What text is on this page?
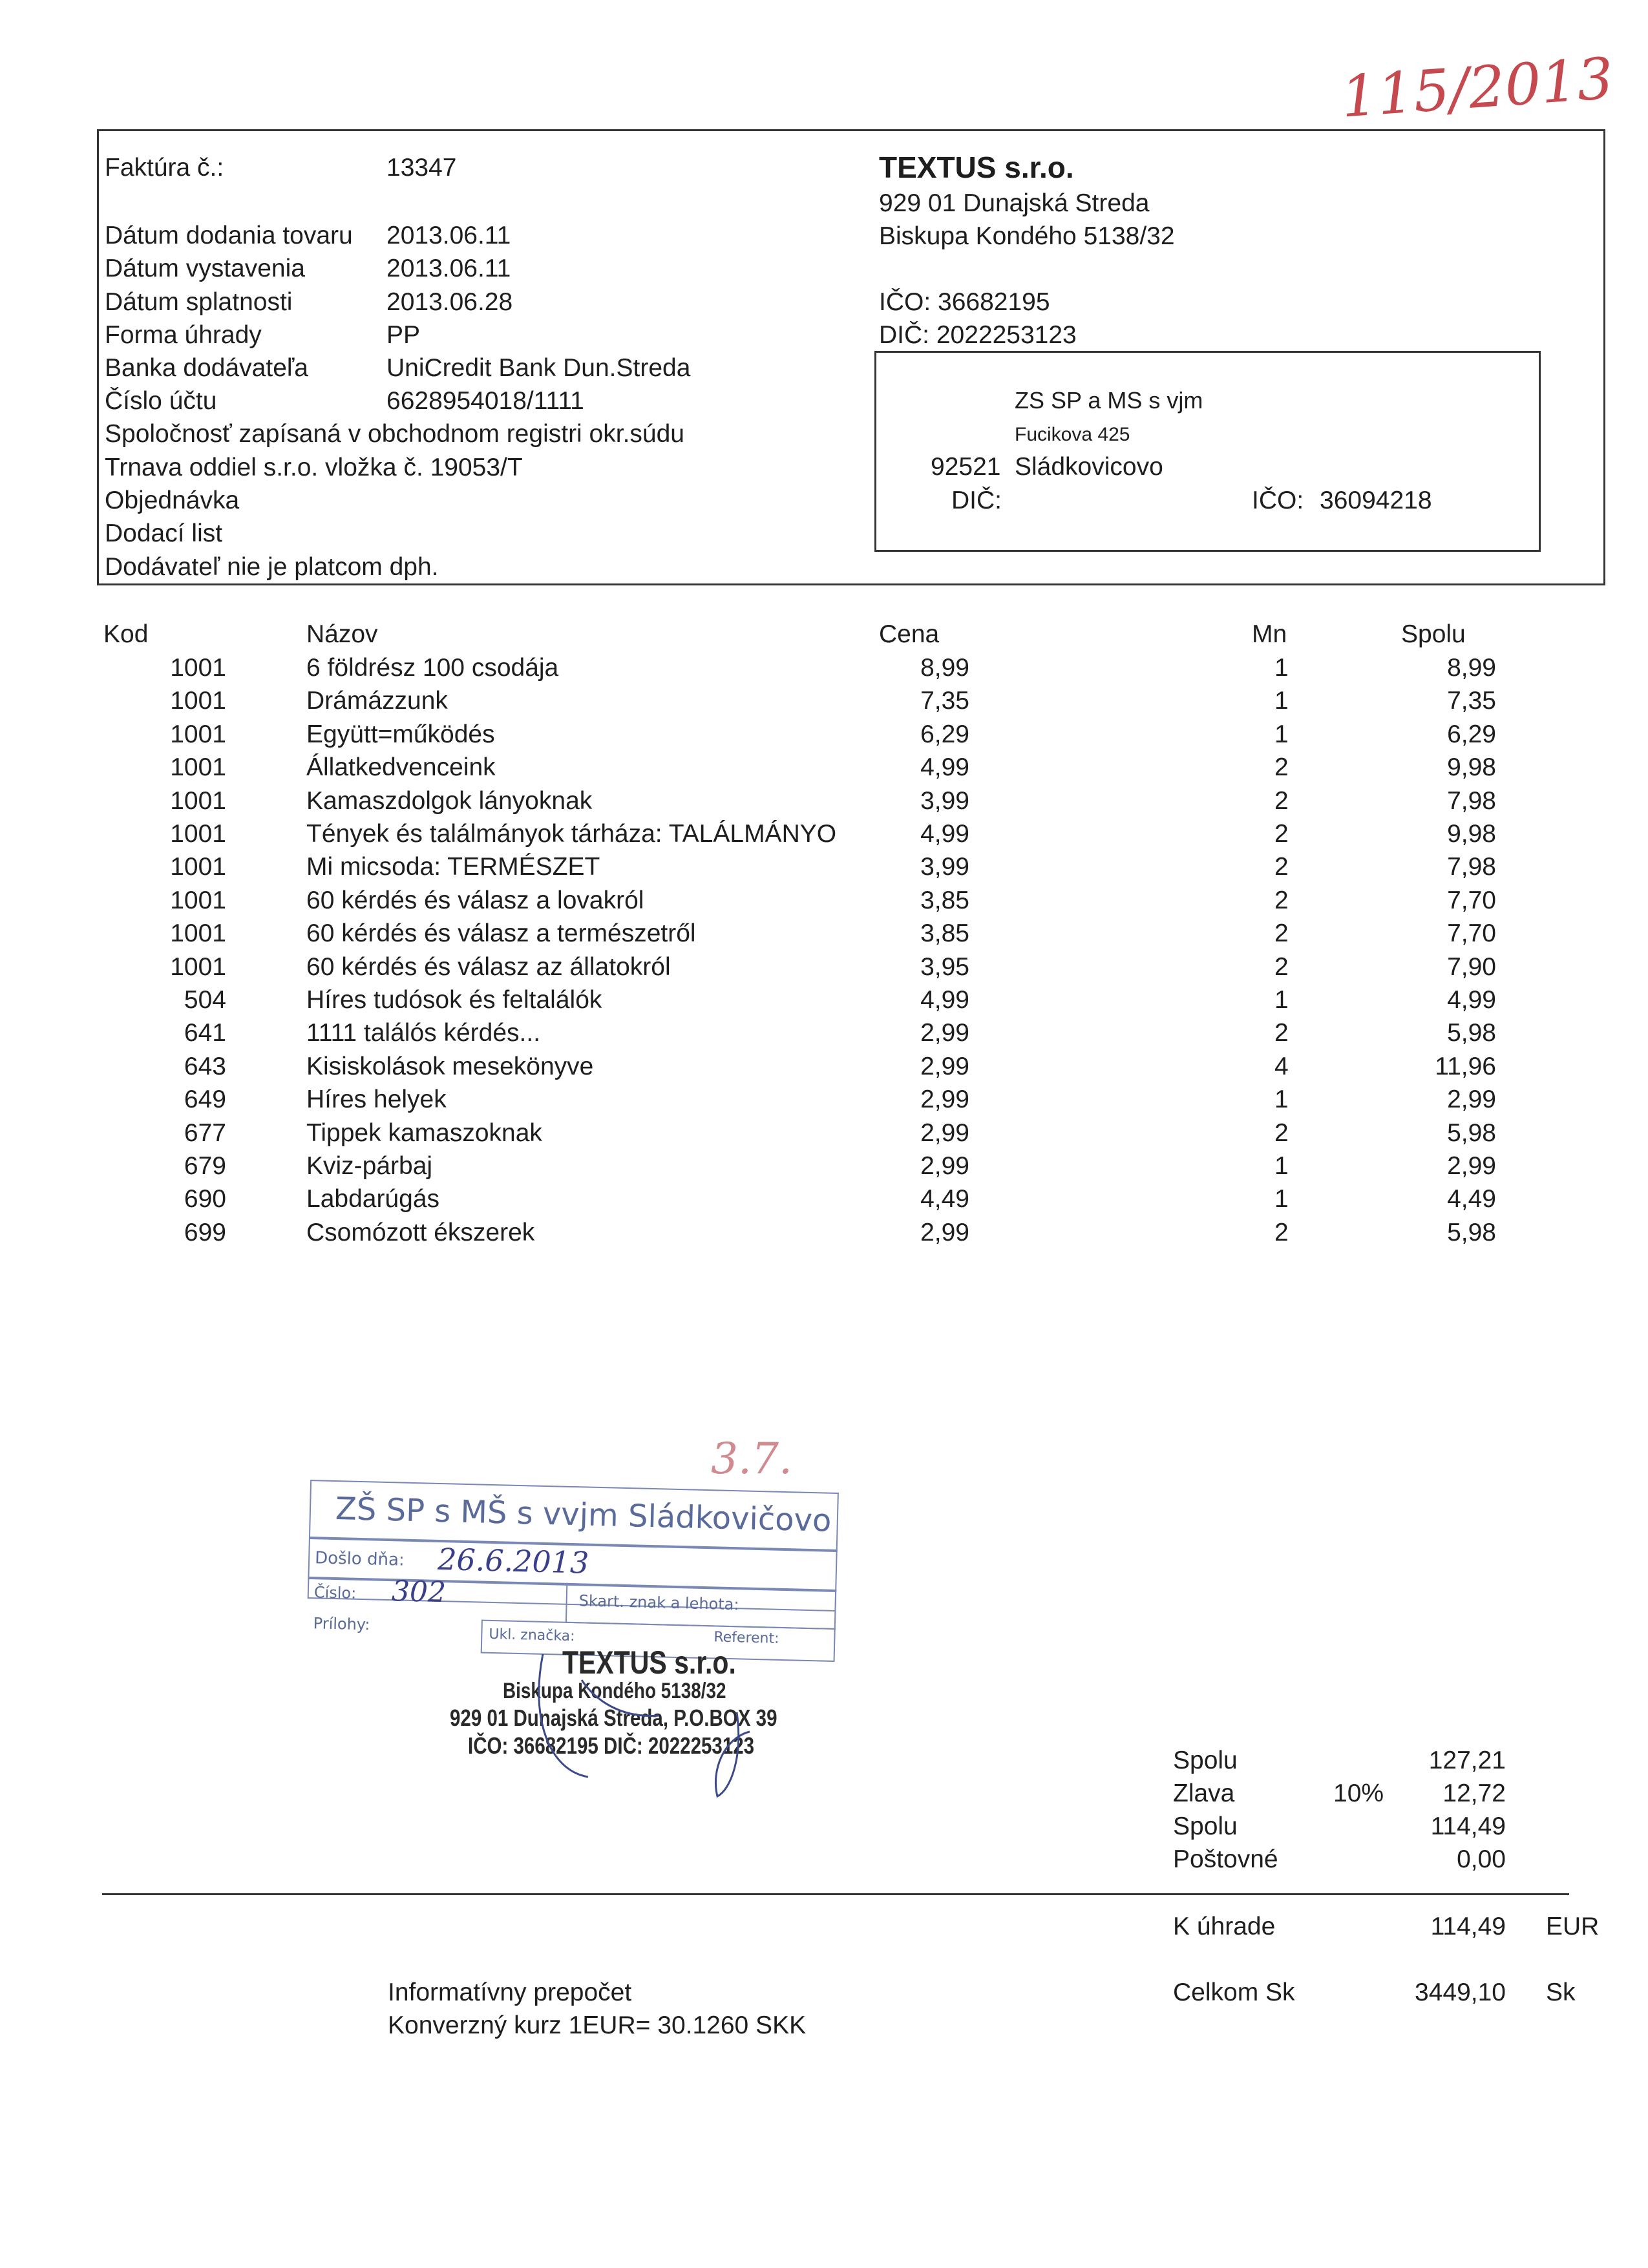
115/2013
Faktúra č.:	13347
Dátum dodania tovaru 2013.06.11
Dátum vystavenia	2013.06.11
Dátum splatnosti	2013.06.28
Forma úhrady	PP
Banka dodávateľa	UniCredit Bank Dun.Streda
Číslo účtu	6628954018/1111
Spoločnosť zapísaná v obchodnom registri okr.súdu
Trnava oddiel s.r.o. vložka č. 19053/T
Objednávka
Dodací list
Dodávateľ nie je platcom dph.
TEXTUS s.r.o.
929 01 Dunajská Streda
Biskupa Kondého 5138/32
IČO: 36682195
DIČ: 2022253123
ZS SP a MS s vjm
Fucikova 425
92521 Sládkovicovo
DIČ:	IČO: 36094218
Kod	Názov	Cena	Mn	Spolu
1001	6 földrész 100 csodája	8,99	1	8,99
1001	Drámázzunk	7,35	1	7,35
1001	Együtt=működés	6,29	1	6,29
1001	Állatkedvenceink	4,99	2	9,98
1001	Kamaszdolgok lányoknak	3,99	2	7,98
1001	Tények és találmányok tárháza: TALÁLMÁNYO	4,99	2	9,98
1001	Mi micsoda: TERMÉSZET	3,99	2	7,98
1001	60 kérdés és válasz a lovakról	3,85	2	7,70
1001	60 kérdés és válasz a természetről	3,85	2	7,70
1001	60 kérdés és válasz az állatokról	3,95	2	7,90
504	Híres tudósok és feltalálók	4,99	1	4,99
641	1111 találós kérdés...	2,99	2	5,98
643	Kisiskolások mesekönyve	2,99	4	11,96
649	Híres helyek	2,99	1	2,99
677	Tippek kamaszoknak	2,99	2	5,98
679	Kviz-párbaj	2,99	1	2,99
690	Labdarúgás	4,49	1	4,49
699	Csomózott ékszerek	2,99	2	5,98
3.7.
ZŠ SP s MŠ s vvjm Sládkovičovo
Došlo dňa: 26.6.2013
Číslo: 302	Skart. znak a lehota:
Prílohy:
Ukl. značka:	Referent:
TEXTUS s.r.o.
Biskupa Kondého 5138/32
929 01 Dunajská Streda, P.O.BOX 39
IČO: 36682195 DIČ: 2022253123
Spolu	127,21
Zlava	10% 12,72
Spolu	114,49
Poštovné	0,00
K úhrade	114,49 EUR
Celkom Sk	3449,10 Sk
Informatívny prepočet
Konverzný kurz 1EUR= 30.1260 SKK
